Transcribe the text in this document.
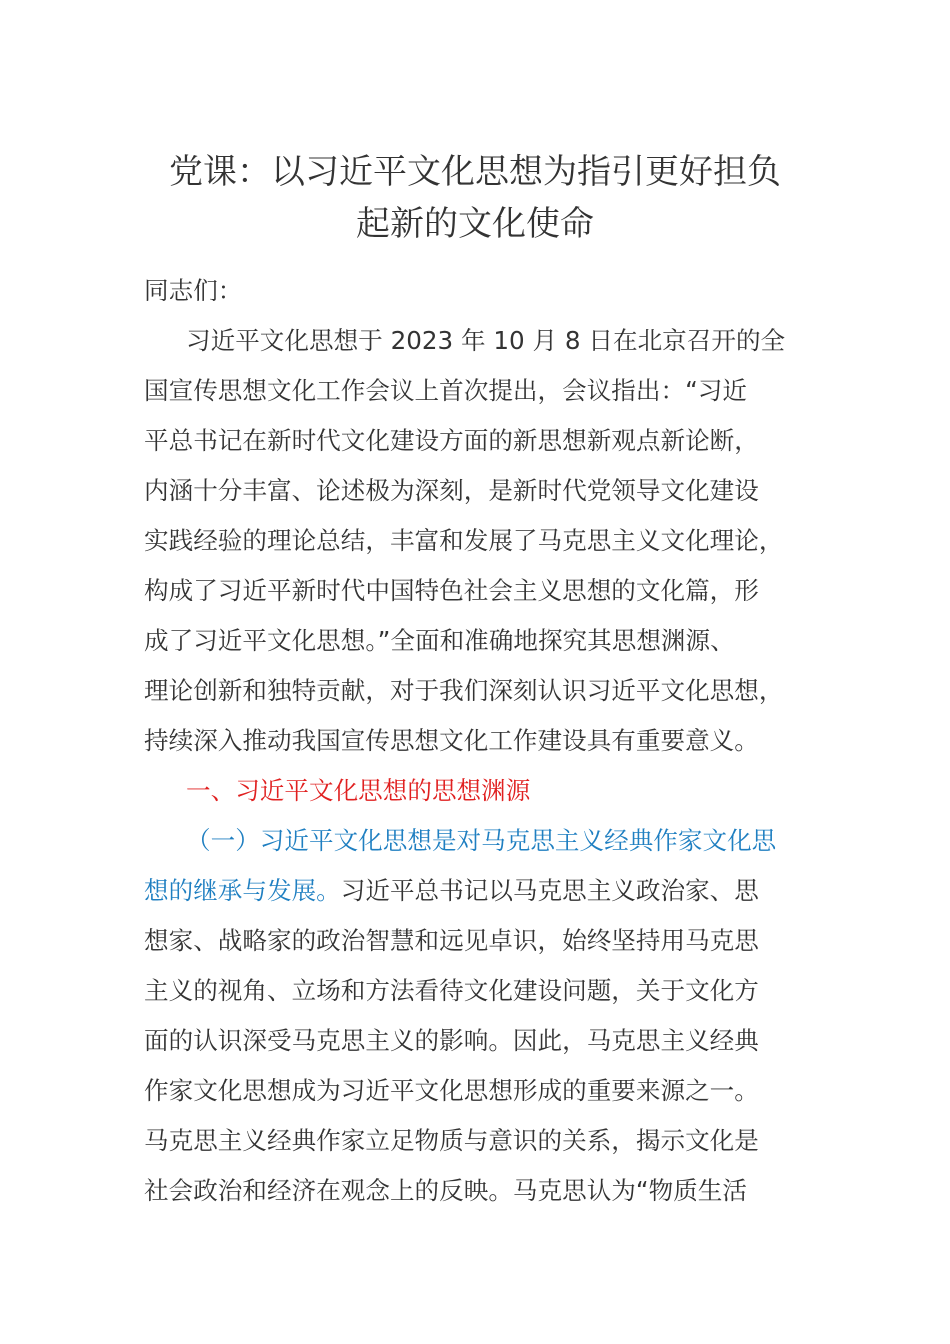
党课：以习近平文化思想为指引更好担负
起新的文化使命
同志们：
习近平文化思想于 2023 年 10 月 8 日在北京召开的全
国宣传思想文化工作会议上首次提出，会议指出：“习近
平总书记在新时代文化建设方面的新思想新观点新论断，
内涵十分丰富、论述极为深刻，是新时代党领导文化建设
实践经验的理论总结，丰富和发展了马克思主义文化理论，
构成了习近平新时代中国特色社会主义思想的文化篇，形
成了习近平文化思想。”全面和准确地探究其思想渊源、
理论创新和独特贡献，对于我们深刻认识习近平文化思想，
持续深入推动我国宣传思想文化工作建设具有重要意义。
一、习近平文化思想的思想渊源
（一）习近平文化思想是对马克思主义经典作家文化思
想的继承与发展。习近平总书记以马克思主义政治家、思
想家、战略家的政治智慧和远见卓识，始终坚持用马克思
主义的视角、立场和方法看待文化建设问题，关于文化方
面的认识深受马克思主义的影响。因此，马克思主义经典
作家文化思想成为习近平文化思想形成的重要来源之一。
马克思主义经典作家立足物质与意识的关系，揭示文化是
社会政治和经济在观念上的反映。马克思认为“物质生活
